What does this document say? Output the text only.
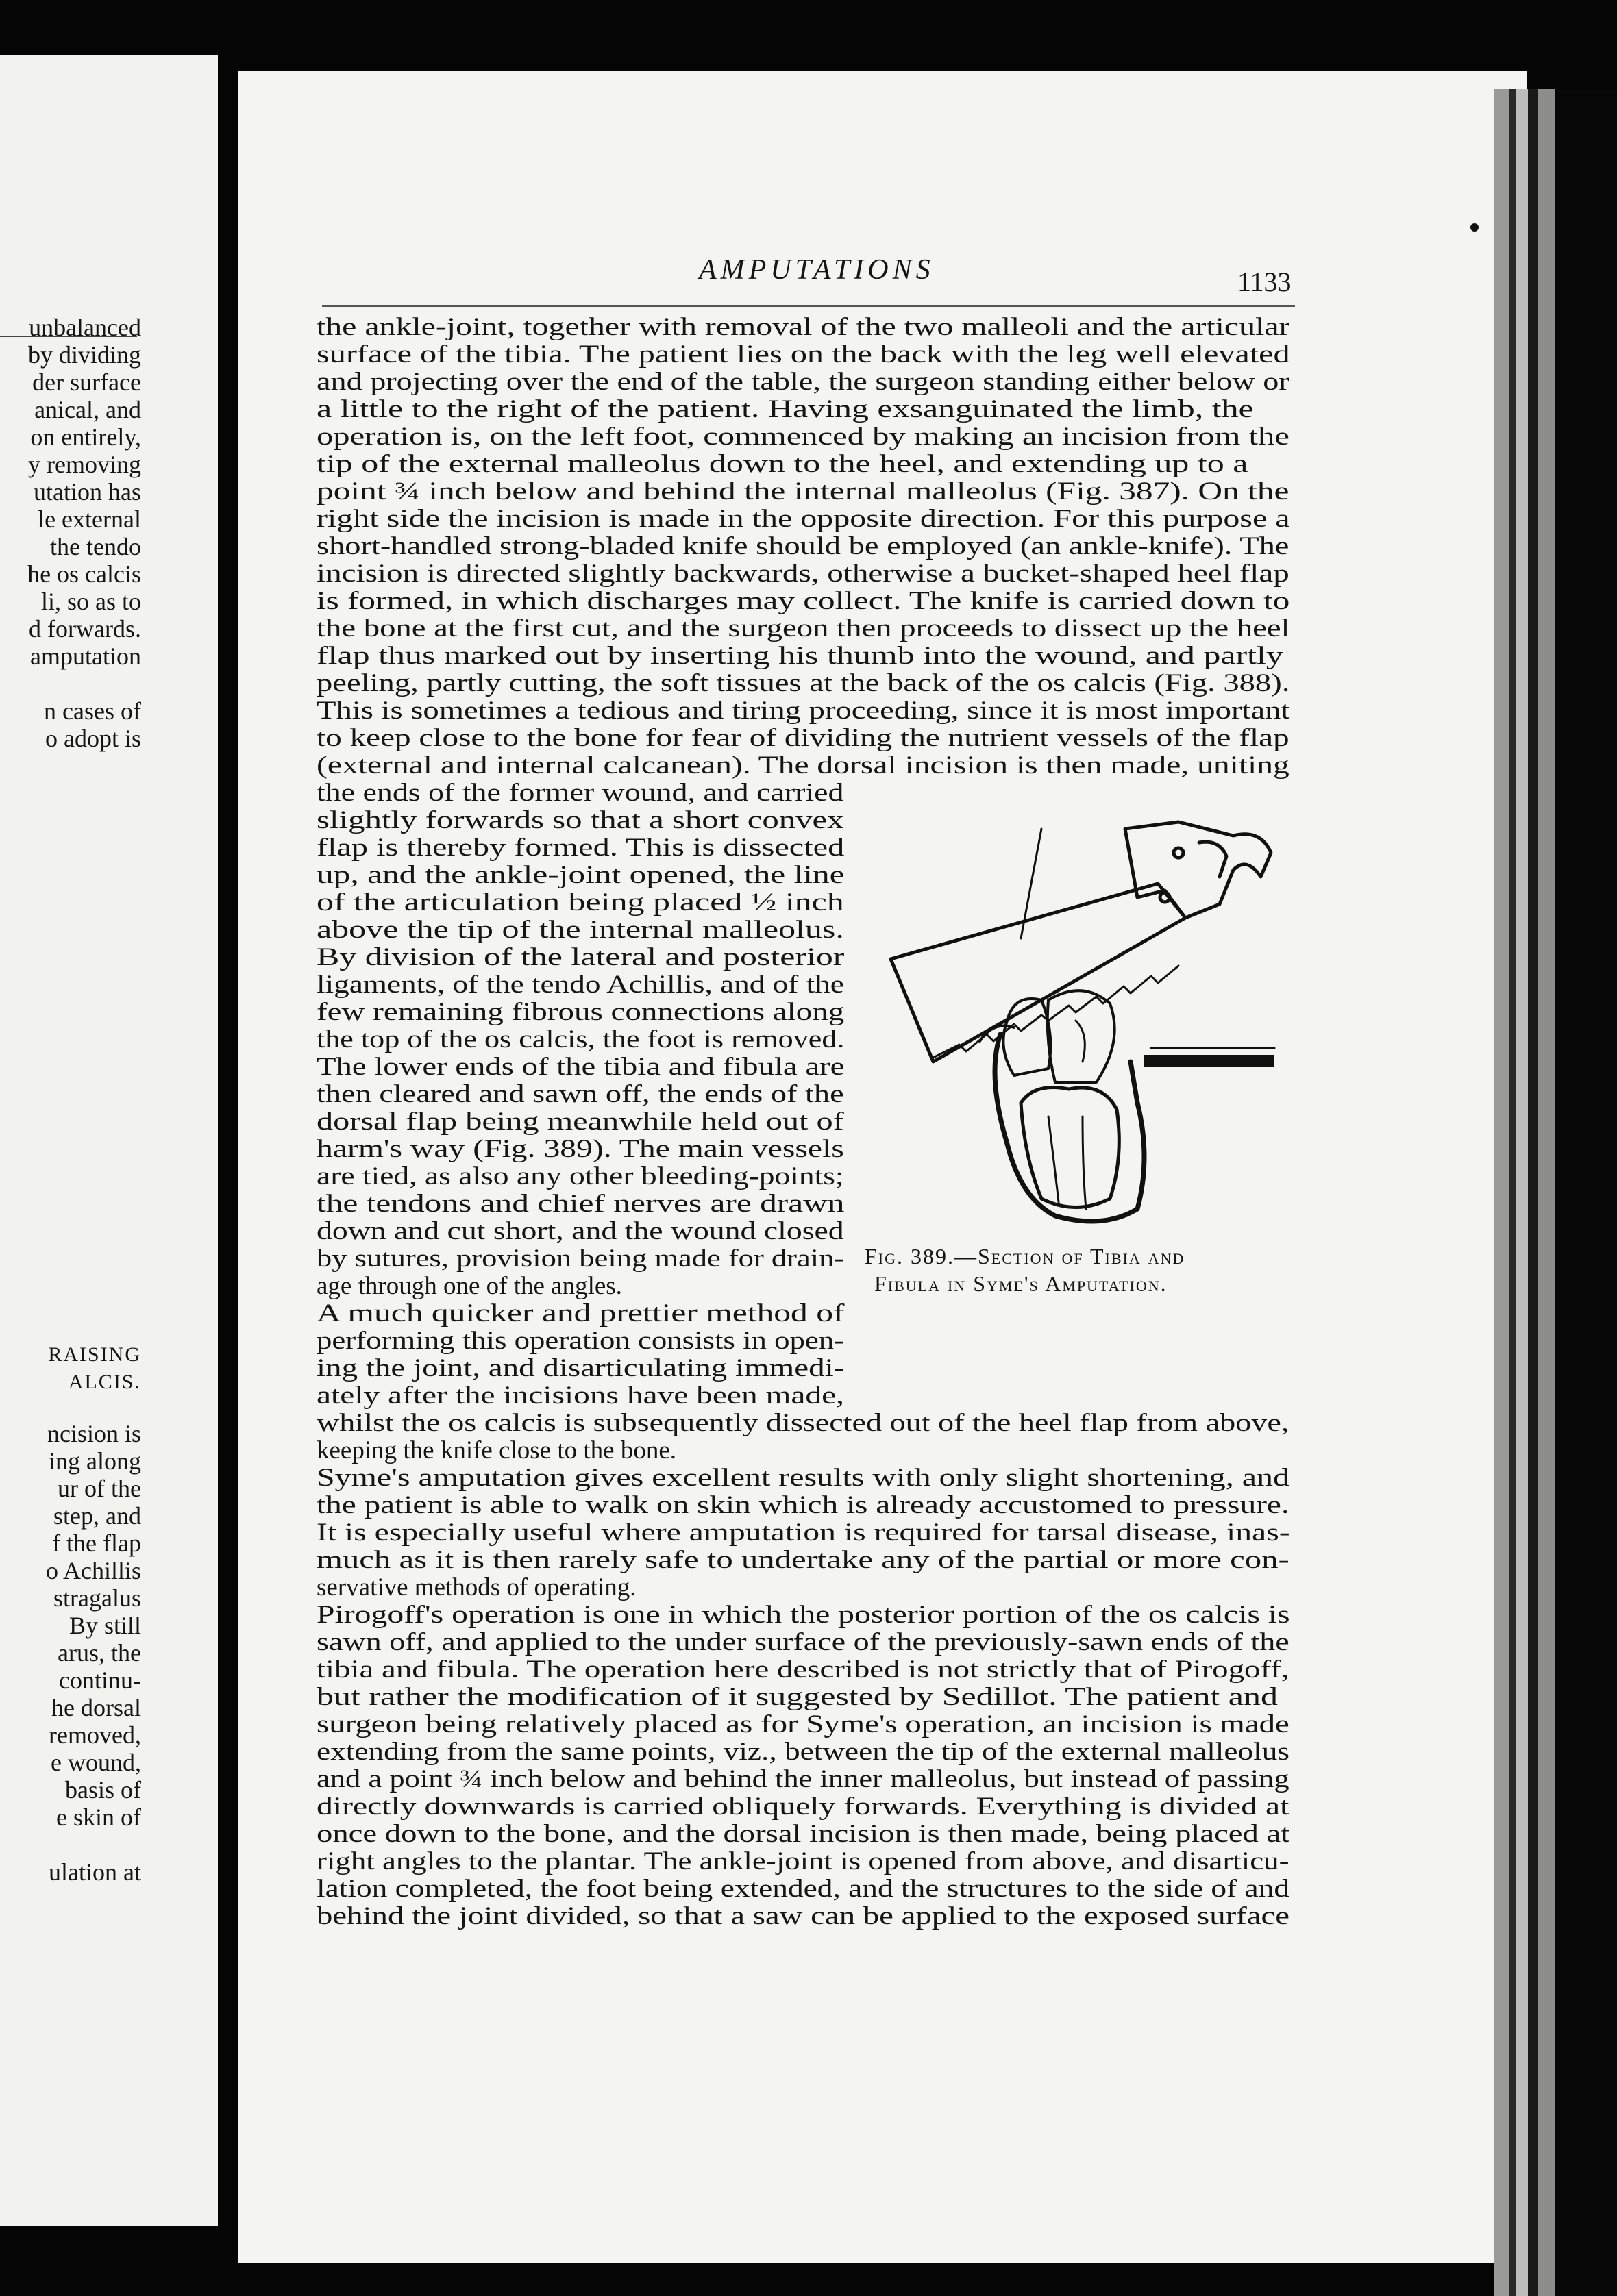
unbalanced
by dividing
der surface
anical, and
on entirely,
y removing
utation has
le external
the tendo
he os calcis
li, so as to
d forwards.
amputation
n cases of
o adopt is
RAISING
ALCIS.
ncision is
ing along
ur of the
step, and
f the flap
o Achillis
stragalus
By still
arus, the
continu-
he dorsal
removed,
e wound,
basis of
e skin of
ulation at
AMPUTATIONS	1133
the ankle-joint, together with removal of the two malleoli and the articular
surface of the tibia. The patient lies on the back with the leg well elevated
and projecting over the end of the table, the surgeon standing either below or
a little to the right of the patient. Having exsanguinated the limb, the
operation is, on the left foot, commenced by making an incision from the
tip of the external malleolus down to the heel, and extending up to a
point ¾ inch below and behind the internal malleolus (Fig. 387). On the
right side the incision is made in the opposite direction. For this purpose a
short-handled strong-bladed knife should be employed (an ankle-knife). The
incision is directed slightly backwards, otherwise a bucket-shaped heel flap
is formed, in which discharges may collect. The knife is carried down to
the bone at the first cut, and the surgeon then proceeds to dissect up the heel
flap thus marked out by inserting his thumb into the wound, and partly
peeling, partly cutting, the soft tissues at the back of the os calcis (Fig. 388).
This is sometimes a tedious and tiring proceeding, since it is most important
to keep close to the bone for fear of dividing the nutrient vessels of the flap
(external and internal calcanean). The dorsal incision is then made, uniting
the ends of the former wound, and carried
slightly forwards so that a short convex
flap is thereby formed. This is dissected
up, and the ankle-joint opened, the line
of the articulation being placed ½ inch
above the tip of the internal malleolus.
By division of the lateral and posterior
ligaments, of the tendo Achillis, and of the
few remaining fibrous connections along
the top of the os calcis, the foot is removed.
The lower ends of the tibia and fibula are
then cleared and sawn off, the ends of the
dorsal flap being meanwhile held out of
harm's way (Fig. 389). The main vessels
are tied, as also any other bleeding-points;
the tendons and chief nerves are drawn
down and cut short, and the wound closed
by sutures, provision being made for drain-
age through one of the angles.
A much quicker and prettier method of
performing this operation consists in open-
ing the joint, and disarticulating immedi-
ately after the incisions have been made,
whilst the os calcis is subsequently dissected out of the heel flap from above,
keeping the knife close to the bone.
Syme's amputation gives excellent results with only slight shortening, and
the patient is able to walk on skin which is already accustomed to pressure.
It is especially useful where amputation is required for tarsal disease, inas-
much as it is then rarely safe to undertake any of the partial or more con-
servative methods of operating.
Pirogoff's operation is one in which the posterior portion of the os calcis is
sawn off, and applied to the under surface of the previously-sawn ends of the
tibia and fibula. The operation here described is not strictly that of Pirogoff,
but rather the modification of it suggested by Sedillot. The patient and
surgeon being relatively placed as for Syme's operation, an incision is made
extending from the same points, viz., between the tip of the external malleolus
and a point ¾ inch below and behind the inner malleolus, but instead of passing
directly downwards is carried obliquely forwards. Everything is divided at
once down to the bone, and the dorsal incision is then made, being placed at
right angles to the plantar. The ankle-joint is opened from above, and disarticu-
lation completed, the foot being extended, and the structures to the side of and
behind the joint divided, so that a saw can be applied to the exposed surface
Fig. 389.—Section of Tibia and
Fibula in Syme's Amputation.
